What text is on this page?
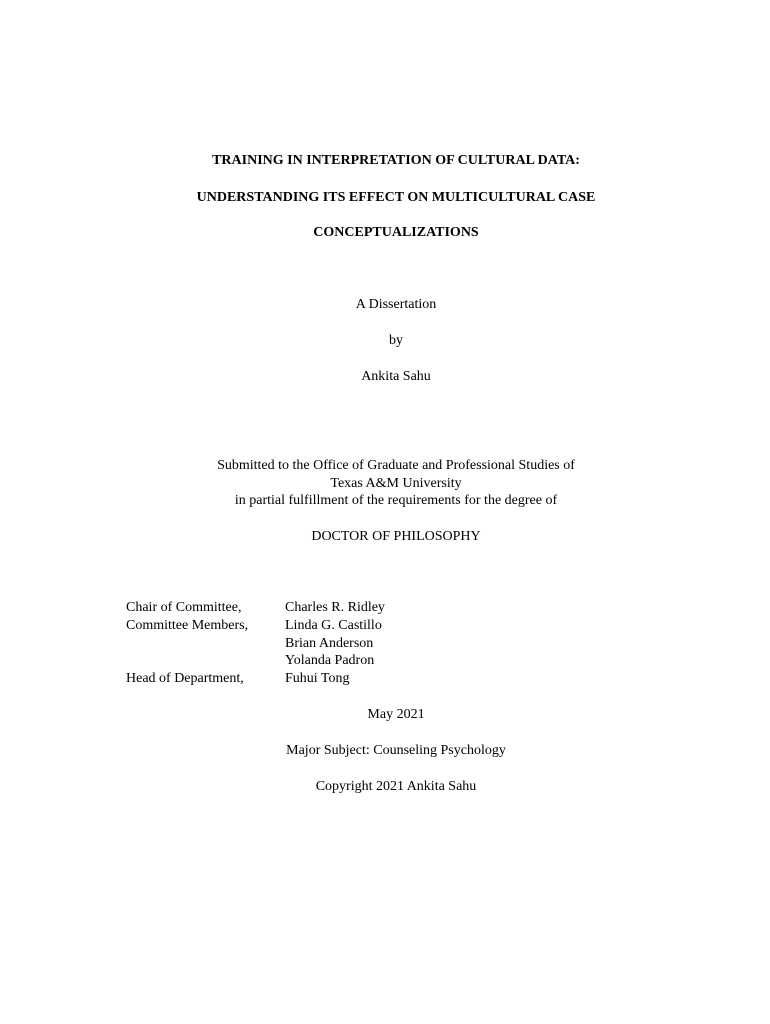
TRAINING IN INTERPRETATION OF CULTURAL DATA:
UNDERSTANDING ITS EFFECT ON MULTICULTURAL CASE
CONCEPTUALIZATIONS
A Dissertation
by
Ankita Sahu
Submitted to the Office of Graduate and Professional Studies of
Texas A&M University
in partial fulfillment of the requirements for the degree of
DOCTOR OF PHILOSOPHY
Chair of Committee,	Charles R. Ridley
Committee Members,	Linda G. Castillo
Brian Anderson
Yolanda Padron
Head of Department,	Fuhui Tong
May 2021
Major Subject: Counseling Psychology
Copyright 2021 Ankita Sahu
